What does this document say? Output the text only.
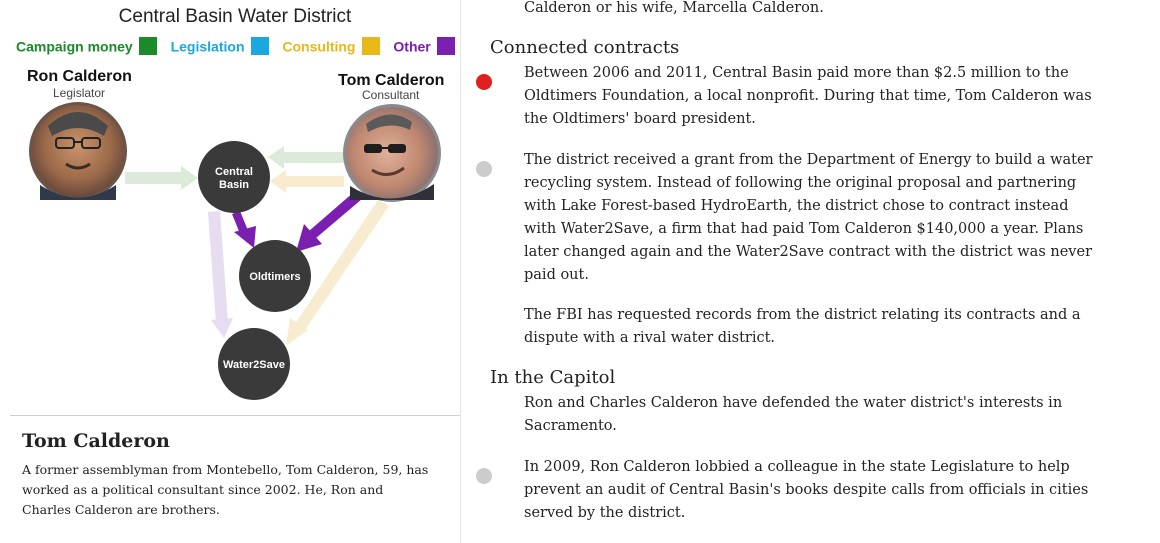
Central Basin Water District
Campaign money	Legislation	Consulting	Other
Ron Calderon
Legislator
Tom Calderon
Consultant
Central
Basin
Oldtimers
Water2Save
Tom Calderon
A former assemblyman from Montebello, Tom Calderon, 59, has worked as a political consultant since 2002. He, Ron and Charles Calderon are brothers.
Calderon or his wife, Marcella Calderon.
Connected contracts
Between 2006 and 2011, Central Basin paid more than $2.5 million to the Oldtimers Foundation, a local nonprofit. During that time, Tom Calderon was the Oldtimers' board president.
The district received a grant from the Department of Energy to build a water recycling system. Instead of following the original proposal and partnering with Lake Forest-based HydroEarth, the district chose to contract instead with Water2Save, a firm that had paid Tom Calderon $140,000 a year. Plans later changed again and the Water2Save contract with the district was never paid out.
The FBI has requested records from the district relating its contracts and a dispute with a rival water district.
In the Capitol
Ron and Charles Calderon have defended the water district's interests in Sacramento.
In 2009, Ron Calderon lobbied a colleague in the state Legislature to help prevent an audit of Central Basin's books despite calls from officials in cities served by the district.
